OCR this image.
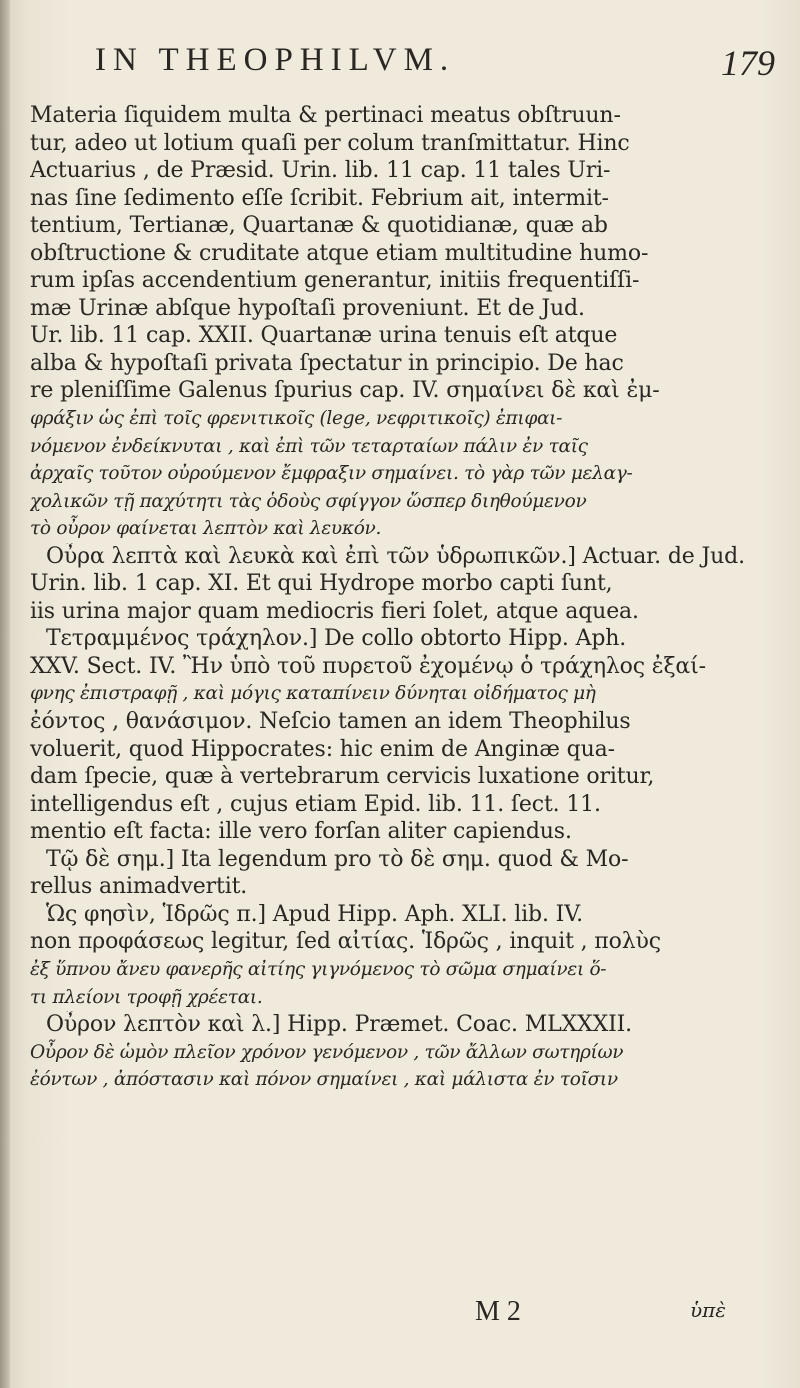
IN THEOPHILVM.	179
Materia ſiquidem multa & pertinaci meatus obſtruun-
tur, adeo ut lotium quaſi per colum tranſmittatur. Hinc
Actuarius , de Præsid. Urin. lib. 11 cap. 11 tales Uri-
nas ſine ſedimento eſſe ſcribit. Febrium ait, intermit-
tentium, Tertianæ, Quartanæ & quotidianæ, quæ ab
obſtructione & cruditate atque etiam multitudine humo-
rum ipſas accendentium generantur, initiis frequentiſſi-
mæ Urinæ abſque hypoſtaſi proveniunt. Et de Jud.
Ur. lib. 11 cap. XXII. Quartanæ urina tenuis eſt atque
alba & hypoſtaſi privata ſpectatur in principio. De hac
re pleniſſime Galenus ſpurius cap. IV. σημαίνει δὲ καὶ ἐμ-
φράξιν ὡς ἐπὶ τοῖς φρενιτικοῖς (lege, νεφριτικοῖς) ἐπιφαι-
νόμενον ἐνδείκνυται , καὶ ἐπὶ τῶν τεταρταίων πάλιν ἐν ταῖς
ἀρχαῖς τοῦτον οὐρούμενον ἔμφραξιν σημαίνει. τὸ γὰρ τῶν μελαγ-
χολικῶν τῇ παχύτητι τὰς ὁδοὺς σφίγγον ὥσπερ διηθούμενον
τὸ οὖρον φαίνεται λεπτὸν καὶ λευκόν.
Οὖρα λεπτὰ καὶ λευκὰ καὶ ἐπὶ τῶν ὑδρωπικῶν.] Actuar. de Jud.
Urin. lib. 1 cap. XI. Et qui Hydrope morbo capti ſunt,
iis urina major quam mediocris fieri ſolet, atque aquea.
Τετραμμένος τράχηλον.] De collo obtorto Hipp. Aph.
XXV. Sect. IV. Ἢν ὑπὸ τοῦ πυρετοῦ ἐχομένῳ ὁ τράχηλος ἐξαί-
φνης ἐπιστραφῇ , καὶ μόγις καταπίνειν δύνηται οἰδήματος μὴ
ἐόντος , θανάσιμον. Neſcio tamen an idem Theophilus
voluerit, quod Hippocrates: hic enim de Anginæ qua-
dam ſpecie, quæ à vertebrarum cervicis luxatione oritur,
intelligendus eſt , cujus etiam Epid. lib. 11. ſect. 11.
mentio eſt facta: ille vero forſan aliter capiendus.
Τῷ δὲ σημ.] Ita legendum pro τὸ δὲ σημ. quod & Mo-
rellus animadvertit.
Ὡς φησὶν, Ἱδρῶς π.] Apud Hipp. Aph. XLI. lib. IV.
non προφάσεως legitur, ſed αἰτίας. Ἱδρῶς , inquit , πολὺς
ἐξ ὕπνου ἄνευ φανερῆς αἰτίης γιγνόμενος τὸ σῶμα σημαίνει ὅ-
τι πλείονι τροφῇ χρέεται.
Οὖρον λεπτὸν καὶ λ.] Hipp. Præmet. Coac. MLXXXII.
Οὖρον δὲ ὡμὸν πλεῖον χρόνον γενόμενον , τῶν ἄλλων σωτηρίων
ἐόντων , ἀπόστασιν καὶ πόνον σημαίνει , καὶ μάλιστα ἐν τοῖσιν
M 2	ὑπὲ
